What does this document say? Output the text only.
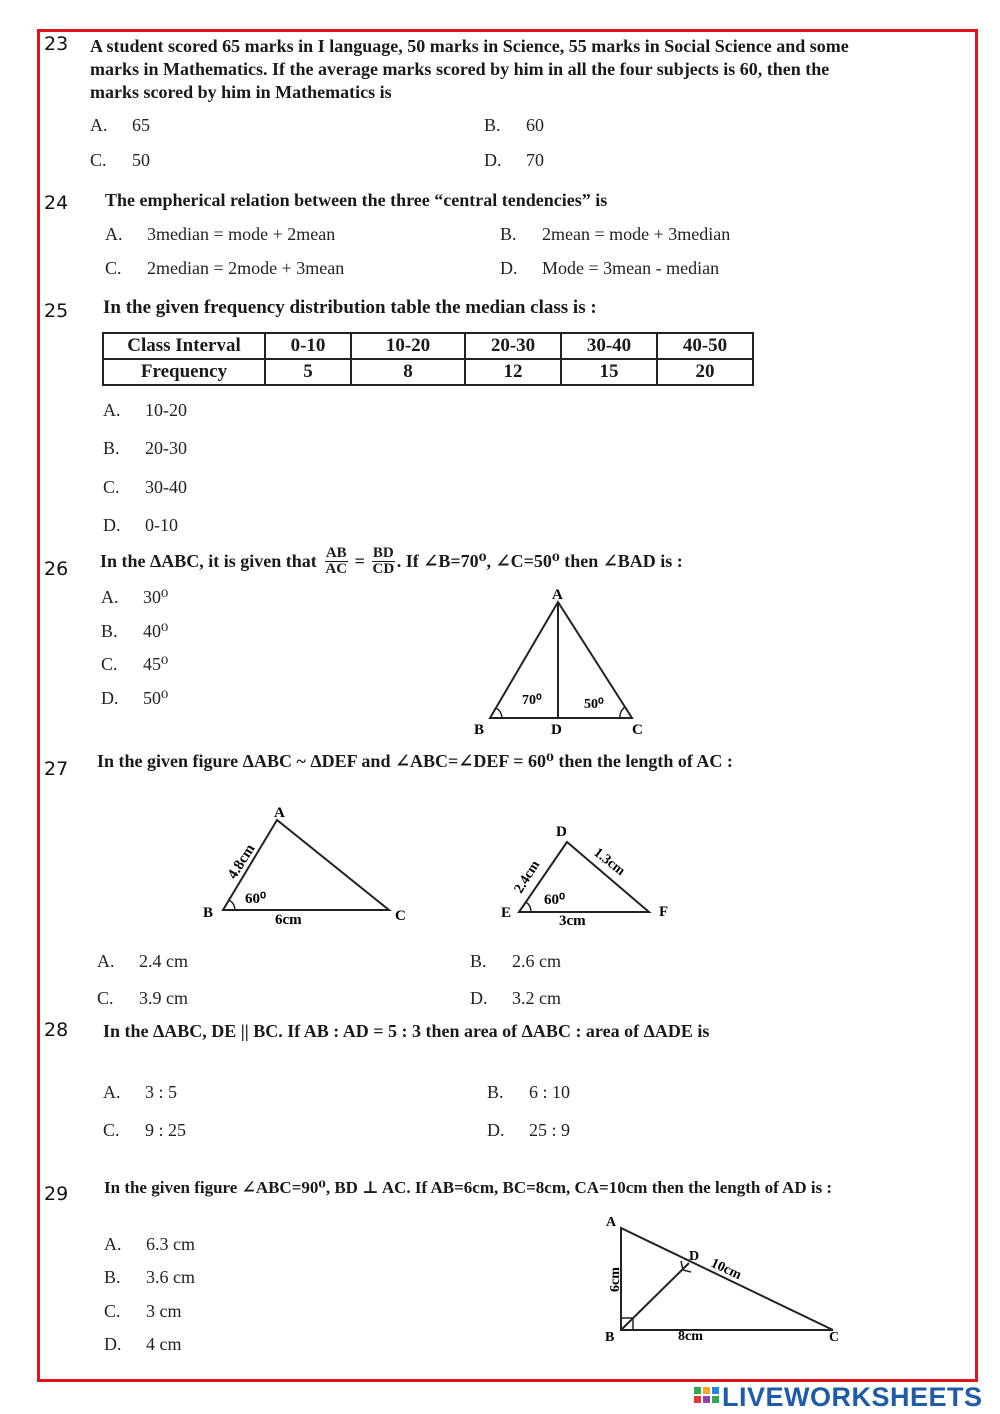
23 A student scored 65 marks in I language, 50 marks in Science, 55 marks in Social Science and some marks in Mathematics. If the average marks scored by him in all the four subjects is 60, then the marks scored by him in Mathematics is
A. 65	B. 60
C. 50	D. 70
24 The empherical relation between the three “central tendencies” is
A. 3median = mode + 2mean	B. 2mean = mode + 3median
C. 2median = 2mode + 3mean	D. Mode = 3mean - median
25 In the given frequency distribution table the median class is :
Class Interval	0-10	10-20	20-30	30-40	40-50
Frequency	5	8	12	15	20
A. 10-20
B. 20-30
C. 30-40
D. 0-10
26 In the ΔABC, it is given that $\frac{AB}{AC} = \frac{BD}{CD}$ . If ∠B=70⁰, ∠C=50⁰ then ∠BAD is :
A. 30⁰
B. 40⁰
C. 45⁰
D. 50⁰
A
B	C
D
70⁰	50⁰
27 In the given figure ΔABC ~ ΔDEF and ∠ABC=∠DEF = 60⁰ then the length of AC :
A
B	C
60⁰
6cm
4.8cm
D
E	F
60⁰
3cm
2.4cm	1.3cm
A. 2.4 cm	B. 2.6 cm
C. 3.9 cm	D. 3.2 cm
28 In the ΔABC, DE || BC. If AB : AD = 5 : 3 then area of ΔABC : area of ΔADE is
A. 3 : 5	B. 6 : 10
C. 9 : 25	D. 25 : 9
29 In the given figure ∠ABC=90⁰, BD ⊥ AC. If AB=6cm, BC=8cm, CA=10cm then the length of AD is :
A. 6.3 cm
B. 3.6 cm
C. 3 cm
D. 4 cm
A
B	C
D
8cm
6cm	10cm
LIVEWORKSHEETS
